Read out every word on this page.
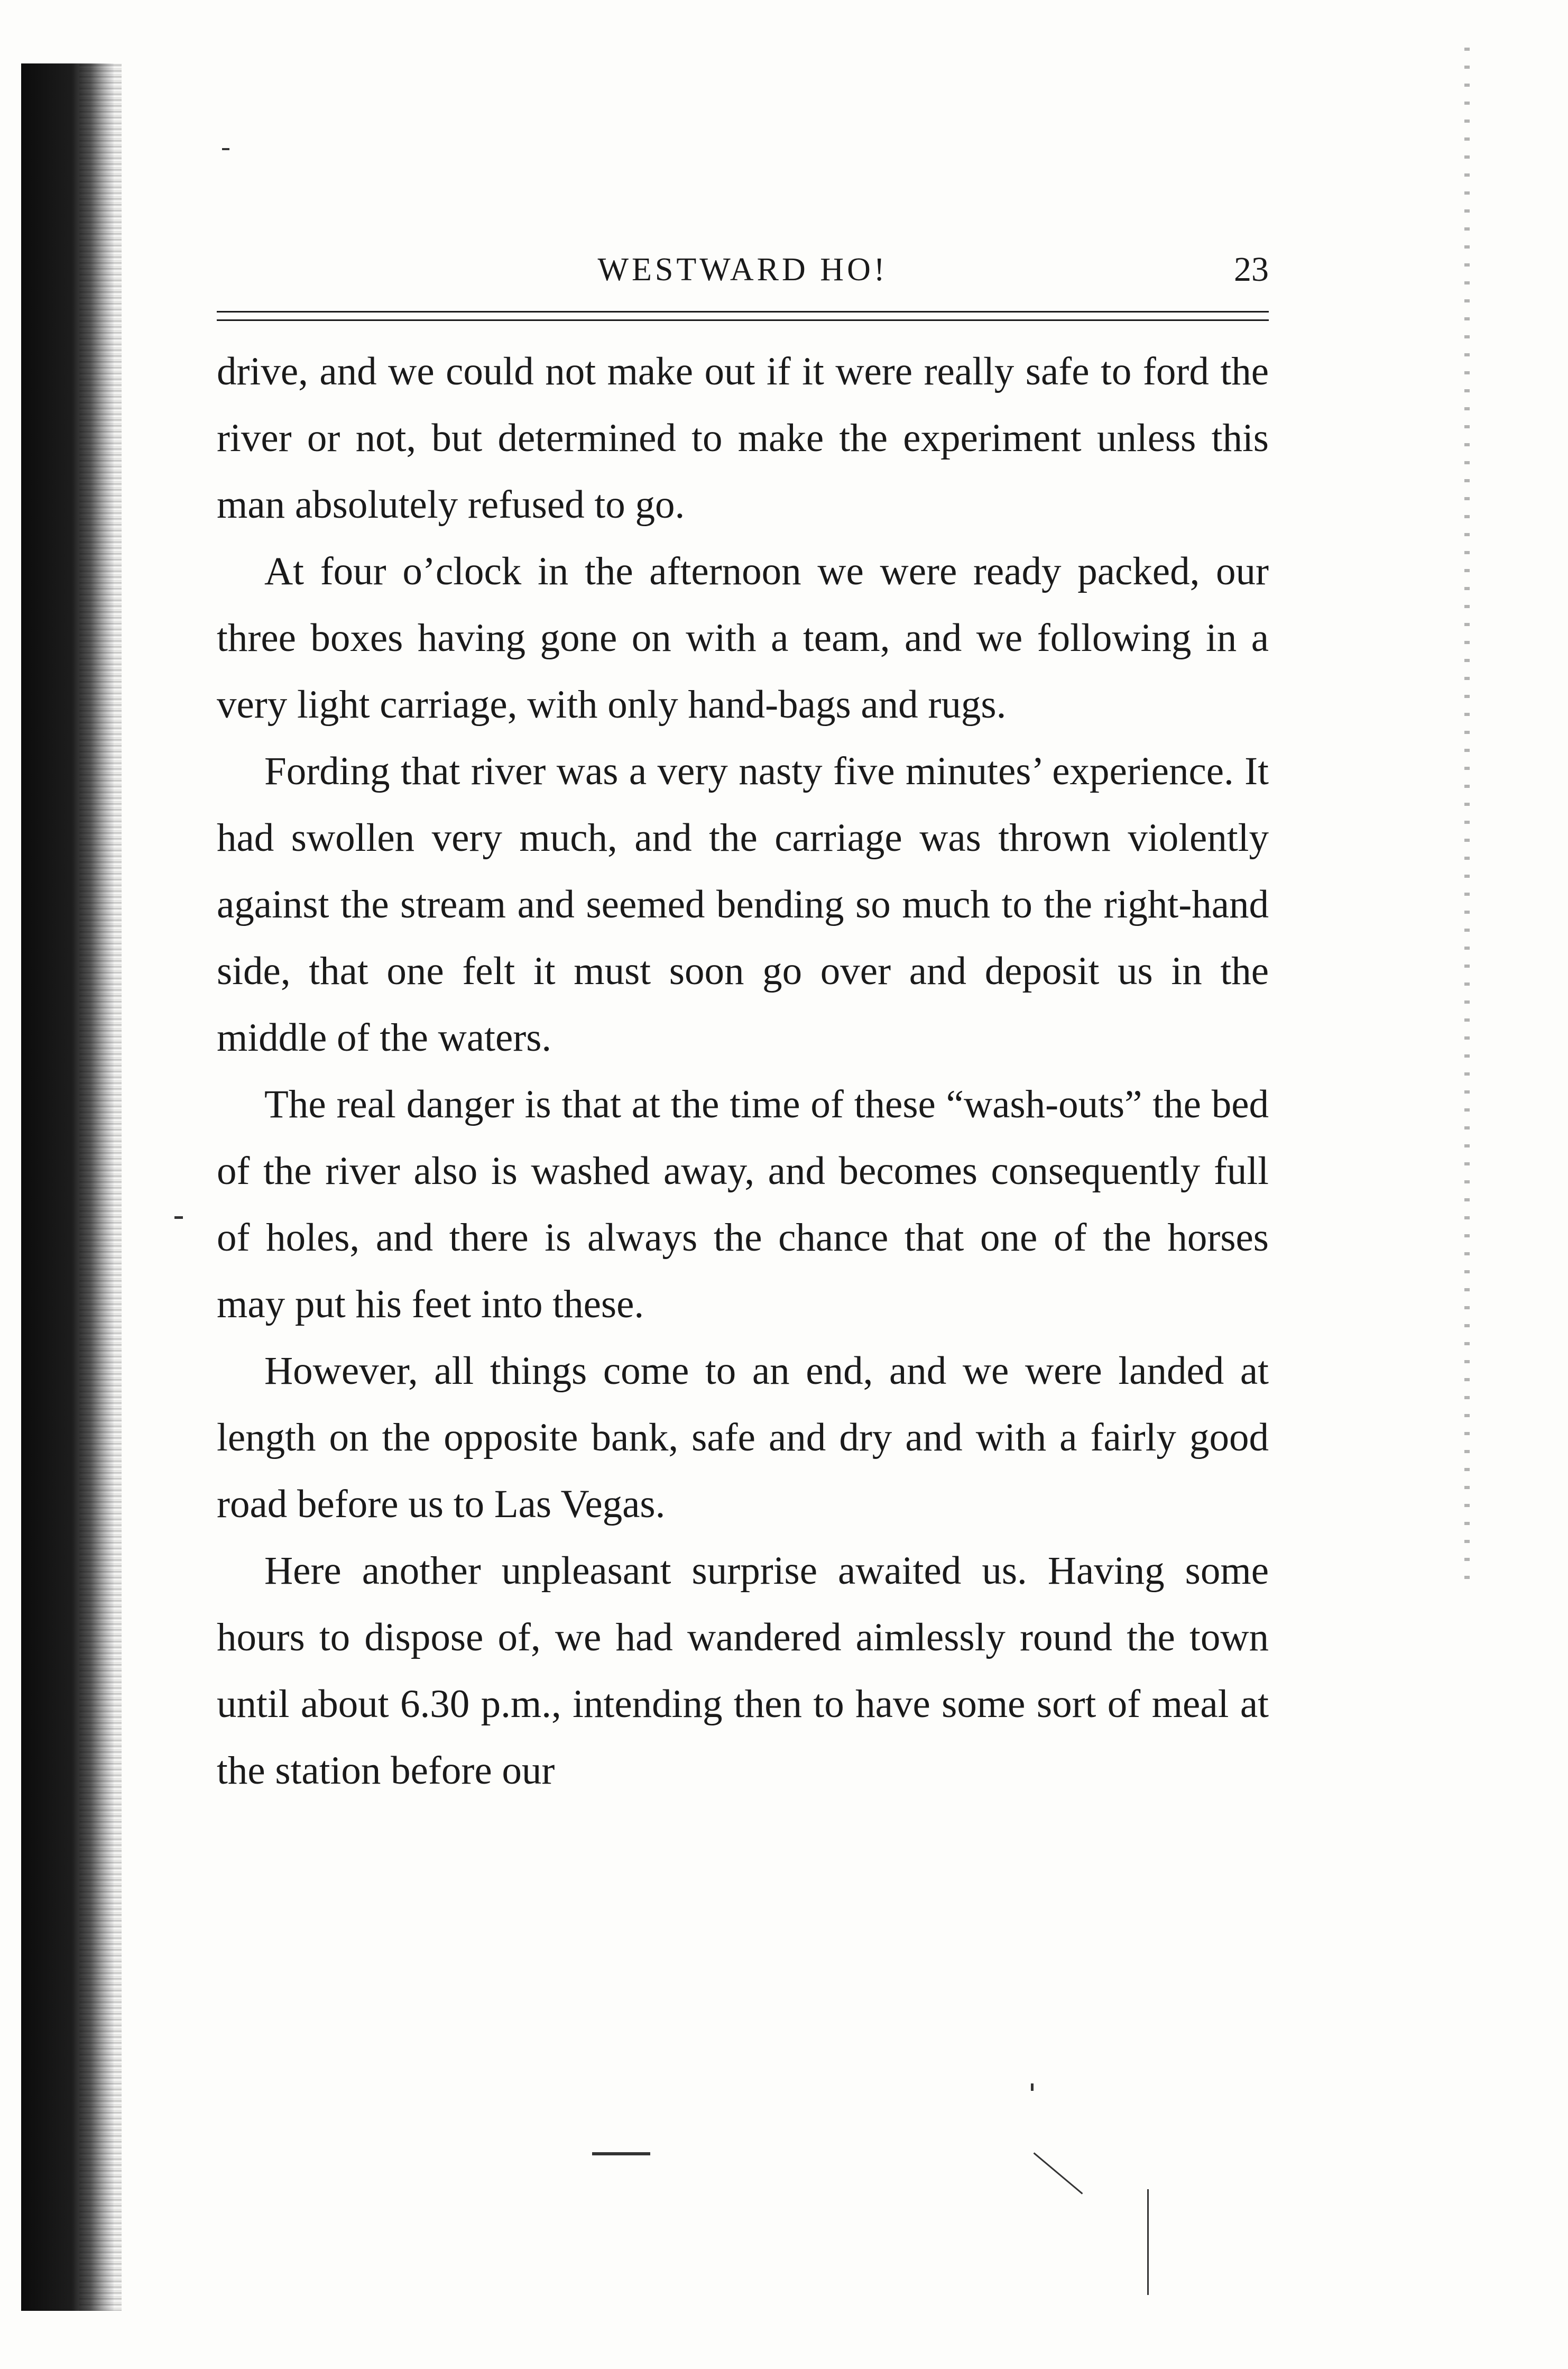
WESTWARD HO!	23

drive, and we could not make out if it were really safe to ford the river or not, but determined to make the experiment unless this man absolutely refused to go.

At four o’clock in the afternoon we were ready packed, our three boxes having gone on with a team, and we following in a very light carriage, with only hand-bags and rugs.

Fording that river was a very nasty five minutes’ experience. It had swollen very much, and the carriage was thrown violently against the stream and seemed bending so much to the right-hand side, that one felt it must soon go over and deposit us in the middle of the waters.

The real danger is that at the time of these “wash-outs” the bed of the river also is washed away, and becomes consequently full of holes, and there is always the chance that one of the horses may put his feet into these.

However, all things come to an end, and we were landed at length on the opposite bank, safe and dry and with a fairly good road before us to Las Vegas.

Here another unpleasant surprise awaited us. Having some hours to dispose of, we had wandered aimlessly round the town until about 6.30 p.m., intending then to have some sort of meal at the station before our
